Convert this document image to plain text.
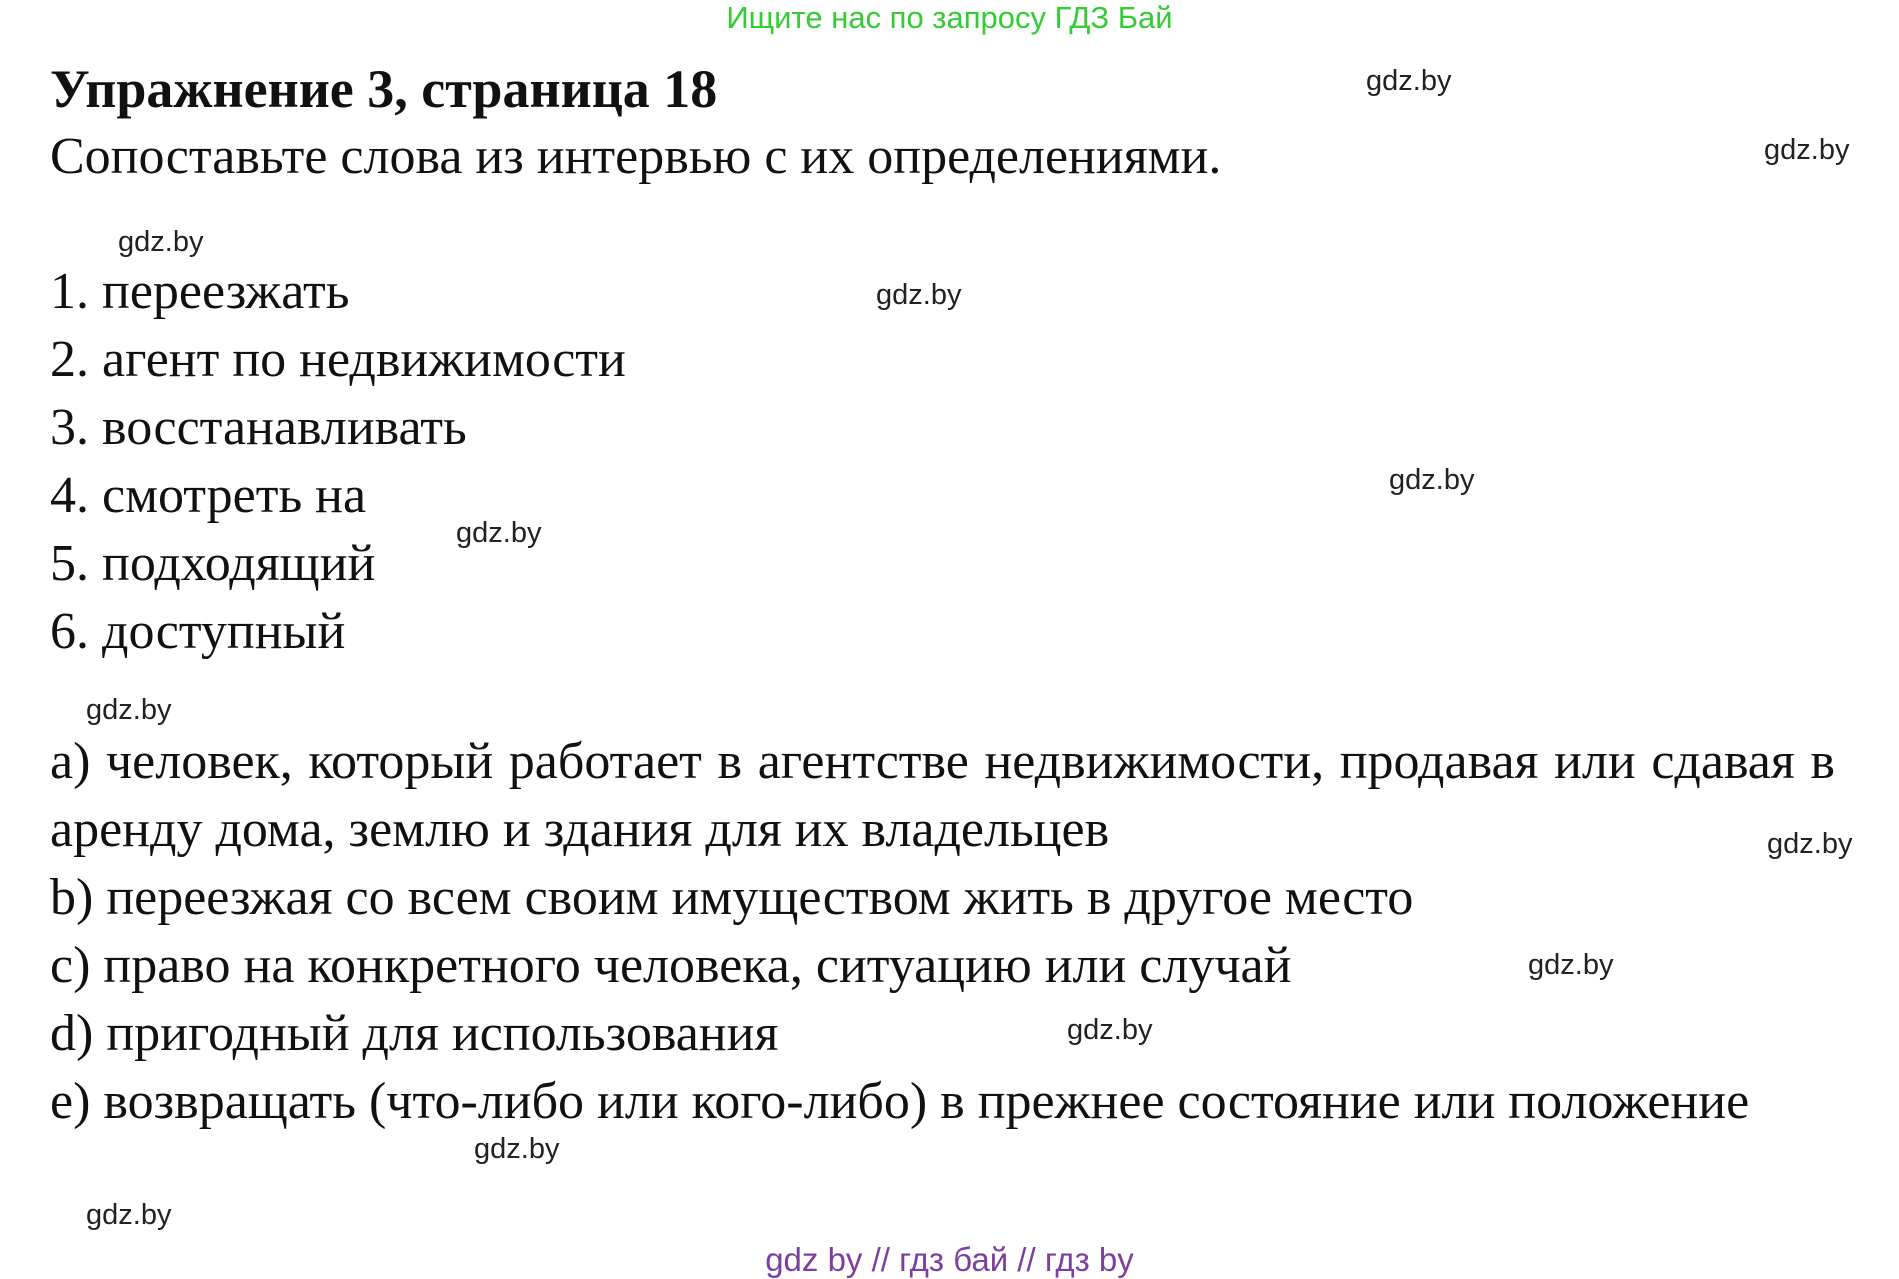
Ищите нас по запросу ГДЗ Бай
Упражнение 3, страница 18
Сопоставьте слова из интервью с их определениями.
1. переезжать
2. агент по недвижимости
3. восстанавливать
4. смотреть на
5. подходящий
6. доступный
a) человек, который работает в агентстве недвижимости, продавая или сдавая в аренду дома, землю и здания для их владельцев
b) переезжая со всем своим имуществом жить в другое место
c) право на конкретного человека, ситуацию или случай
d) пригодный для использования
e) возвращать (что-либо или кого-либо) в прежнее состояние или положение
gdz.by
gdz.by
gdz.by
gdz.by
gdz.by
gdz.by
gdz.by
gdz.by
gdz.by
gdz.by
gdz.by
gdz.by
gdz by // гдз бай // гдз by
